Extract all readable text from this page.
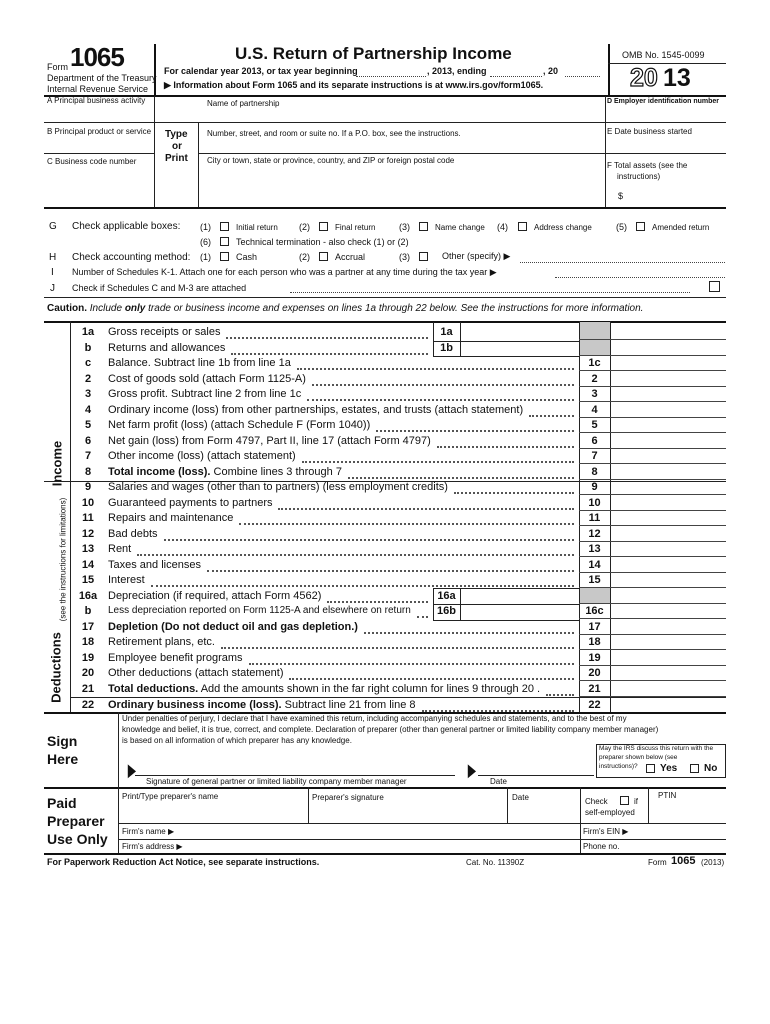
Form 1065
Department of the Treasury
Internal Revenue Service
U.S. Return of Partnership Income
For calendar year 2013, or tax year beginning	, 2013, ending	, 20
▶ Information about Form 1065 and its separate instructions is at www.irs.gov/form1065.
OMB No. 1545-0099
20 13
A Principal business activity
B Principal product or service
C Business code number
Type
or
Print
Name of partnership
Number, street, and room or suite no. If a P.O. box, see the instructions.
City or town, state or province, country, and ZIP or foreign postal code
D Employer identification number
E Date business started
F Total assets (see the
instructions)
$
G Check applicable boxes: (1)	Initial return (2)	Final return	(3)	Name change (4)	Address change	(5)	Amended return
(6)	Technical termination - also check (1) or (2)
H Check accounting method: (1)	Cash	(2)	Accrual	(3)	Other (specify) ▶
I Number of Schedules K-1. Attach one for each person who was a partner at any time during the tax year ▶
J Check if Schedules C and M-3 are attached
Caution. Include only trade or business income and expenses on lines 1a through 22 below. See the instructions for more information.
Income
Deductions
(see the instructions for limitations)
1a	Gross receipts or sales	1a
b	Returns and allowances	1b
c	Balance. Subtract line 1b from line 1a	1c
2	Cost of goods sold (attach Form 1125-A)	2
3	Gross profit. Subtract line 2 from line 1c	3
4	Ordinary income (loss) from other partnerships, estates, and trusts (attach statement)	4
5	Net farm profit (loss) (attach Schedule F (Form 1040))	5
6	Net gain (loss) from Form 4797, Part II, line 17 (attach Form 4797)	6
7	Other income (loss) (attach statement)	7
8	Total income (loss). Combine lines 3 through 7	8
9	Salaries and wages (other than to partners) (less employment credits)	9
10	Guaranteed payments to partners	10
11	Repairs and maintenance	11
12	Bad debts	12
13	Rent	13
14	Taxes and licenses	14
15	Interest	15
16a Depreciation (if required, attach Form 4562)	16a
b	Less depreciation reported on Form 1125-A and elsewhere on return	16b	16c
17	Depletion (Do not deduct oil and gas depletion.)	17
18	Retirement plans, etc.	18
19	Employee benefit programs	19
20	Other deductions (attach statement)	20
21	Total deductions. Add the amounts shown in the far right column for lines 9 through 20 .	21
22	Ordinary business income (loss). Subtract line 21 from line 8	22
Sign
Here
Under penalties of perjury, I declare that I have examined this return, including accompanying schedules and statements, and to the best of my
knowledge and belief, it is true, correct, and complete. Declaration of preparer (other than general partner or limited liability company member manager)
is based on all information of which preparer has any knowledge.
May the IRS discuss this return with the
preparer shown below (see
instructions)? Yes	No
▶	▶
Signature of general partner or limited liability company member manager	Date
Paid
Preparer
Use Only
Print/Type preparer's name	Preparer's signature	Date	Check	if
self-employed
PTIN
Firm's name ▶	Firm's EIN ▶
Firm's address ▶	Phone no.
For Paperwork Reduction Act Notice, see separate instructions.	Cat. No. 11390Z	Form 1065 (2013)
